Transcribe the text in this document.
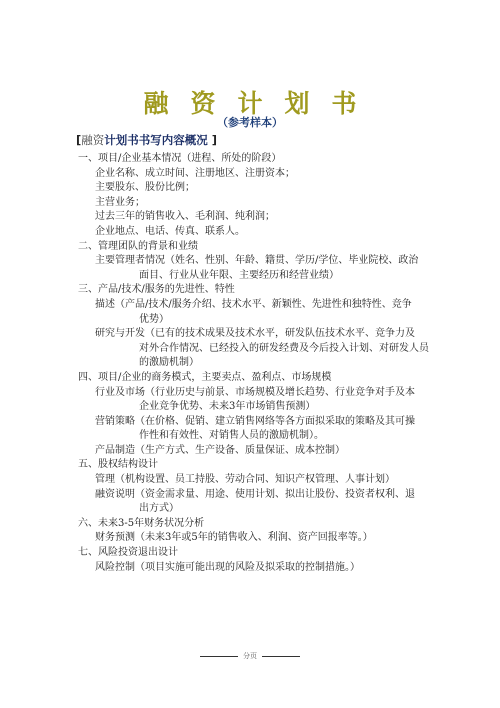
融资计划书
（参考样本）
[融资计划书书写内容概况 ]
一、项目/企业基本情况（进程、所处的阶段）
企业名称、成立时间、注册地区、注册资本；
主要股东、股份比例；
主营业务；
过去三年的销售收入、毛利润、纯利润；
企业地点、电话、传真、联系人。
二、管理团队的背景和业绩
主要管理者情况（姓名、性别、年龄、籍贯、学历/学位、毕业院校、政治
面目、行业从业年限、主要经历和经营业绩）
三、产品/技术/服务的先进性、特性
描述（产品/技术/服务介绍、技术水平、新颖性、先进性和独特性、竞争
优势）
研究与开发（已有的技术成果及技术水平，研发队伍技术水平、竞争力及
对外合作情况、已经投入的研发经费及今后投入计划、对研发人员
的激励机制）
四、项目/企业的商务模式，主要卖点、盈利点、市场规模
行业及市场（行业历史与前景、市场规模及增长趋势、行业竞争对手及本
企业竞争优势、未来3年市场销售预测）
营销策略（在价格、促销、建立销售网络等各方面拟采取的策略及其可操
作性和有效性、对销售人员的激励机制）。
产品制造（生产方式、生产设备、质量保证、成本控制）
五、股权结构设计
管理（机构设置、员工持股、劳动合同、知识产权管理、人事计划）
融资说明（资金需求量、用途、使用计划、拟出让股份、投资者权利、退
出方式）
六、未来3-5年财务状况分析
财务预测（未来3年或5年的销售收入、利润、资产回报率等。）
七、风险投资退出设计
风险控制（项目实施可能出现的风险及拟采取的控制措施。）
分页
